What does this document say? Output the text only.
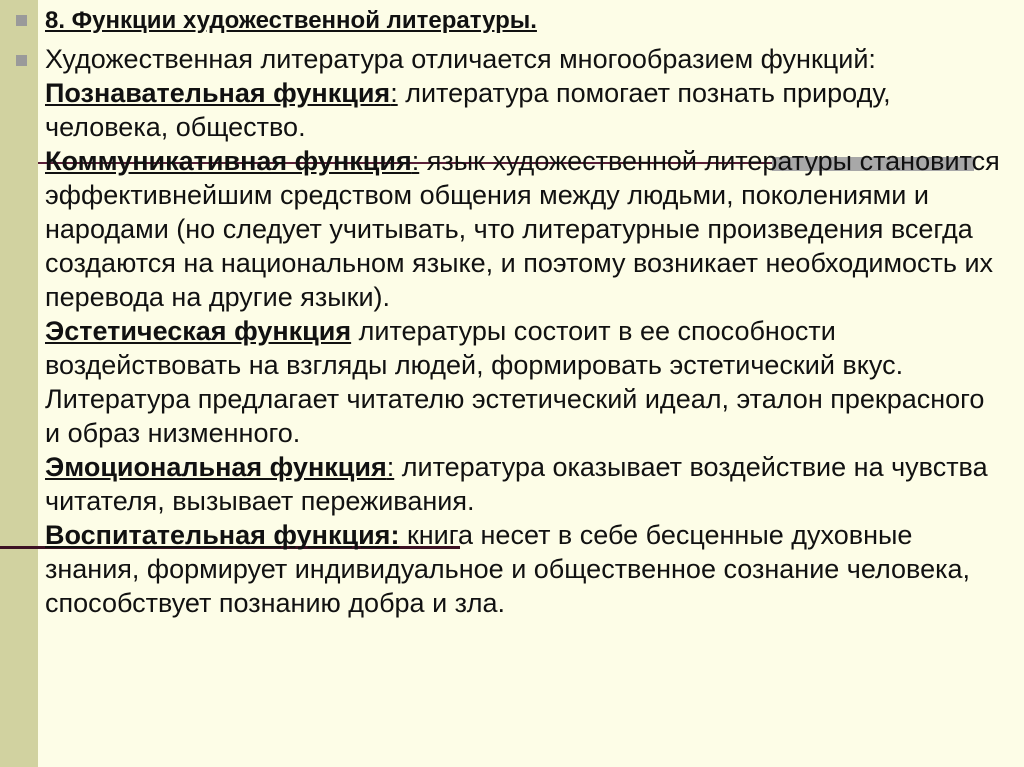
8. Функции художественной литературы.
Художественная литература отличается многообразием функций:
Познавательная функция: литература помогает познать природу, человека, общество.
Коммуникативная функция: язык художественной литературы становится эффективнейшим средством общения между людьми, поколениями и народами (но следует учитывать, что литературные произведения всегда создаются на национальном языке, и поэтому возникает необходимость их перевода на другие языки).
Эстетическая функция литературы состоит в ее способности воздействовать на взгляды людей, формировать эстетический вкус. Литература предлагает читателю эстетический идеал, эталон прекрасного и образ низменного.
Эмоциональная функция: литература оказывает воздействие на чувства читателя, вызывает переживания.
Воспитательная функция: книга несет в себе бесценные духовные знания, формирует индивидуальное и общественное сознание человека, способствует познанию добра и зла.
